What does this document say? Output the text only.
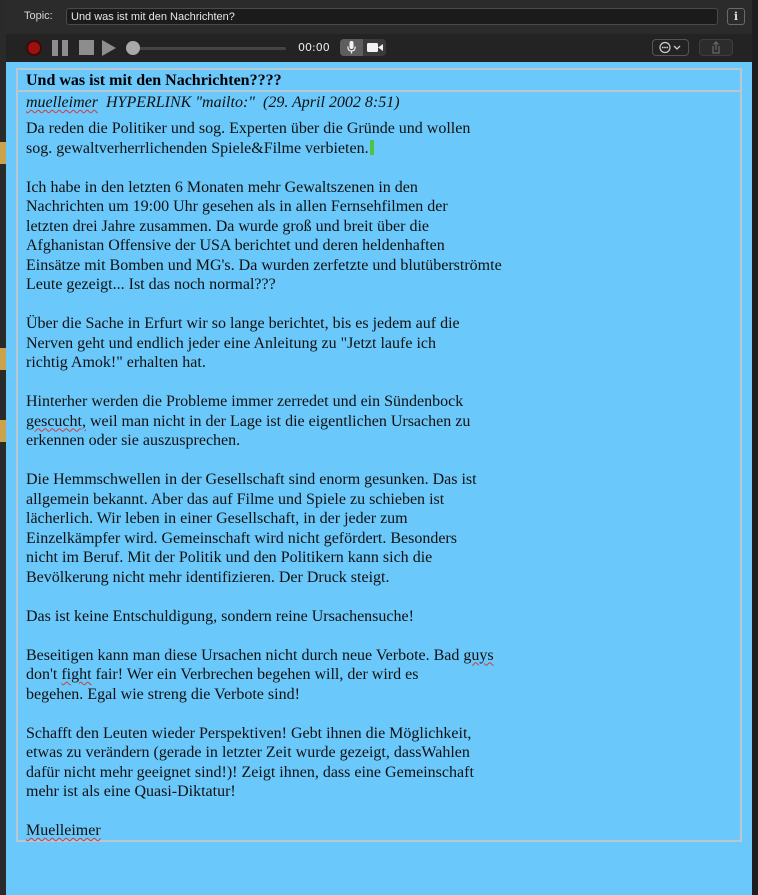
Topic:	Und was ist mit den Nachrichten?	i
00:00
Und was ist mit den Nachrichten????
muelleimer HYPERLINK "mailto:" (29. April 2002 8:51)
Da reden die Politiker und sog. Experten über die Gründe und wollen
sog. gewaltverherrlichenden Spiele&Filme verbieten.
Ich habe in den letzten 6 Monaten mehr Gewaltszenen in den
Nachrichten um 19:00 Uhr gesehen als in allen Fernsehfilmen der
letzten drei Jahre zusammen. Da wurde groß und breit über die
Afghanistan Offensive der USA berichtet und deren heldenhaften
Einsätze mit Bomben und MG's. Da wurden zerfetzte und blutüberströmte
Leute gezeigt... Ist das noch normal???
Über die Sache in Erfurt wir so lange berichtet, bis es jedem auf die
Nerven geht und endlich jeder eine Anleitung zu "Jetzt laufe ich
richtig Amok!" erhalten hat.
Hinterher werden die Probleme immer zerredet und ein Sündenbock
gescucht, weil man nicht in der Lage ist die eigentlichen Ursachen zu
erkennen oder sie auszusprechen.
Die Hemmschwellen in der Gesellschaft sind enorm gesunken. Das ist
allgemein bekannt. Aber das auf Filme und Spiele zu schieben ist
lächerlich. Wir leben in einer Gesellschaft, in der jeder zum
Einzelkämpfer wird. Gemeinschaft wird nicht gefördert. Besonders
nicht im Beruf. Mit der Politik und den Politikern kann sich die
Bevölkerung nicht mehr identifizieren. Der Druck steigt.
Das ist keine Entschuldigung, sondern reine Ursachensuche!
Beseitigen kann man diese Ursachen nicht durch neue Verbote. Bad guys
don't fight fair! Wer ein Verbrechen begehen will, der wird es
begehen. Egal wie streng die Verbote sind!
Schafft den Leuten wieder Perspektiven! Gebt ihnen die Möglichkeit,
etwas zu verändern (gerade in letzter Zeit wurde gezeigt, dassWahlen
dafür nicht mehr geeignet sind!)! Zeigt ihnen, dass eine Gemeinschaft
mehr ist als eine Quasi-Diktatur!
Muelleimer
